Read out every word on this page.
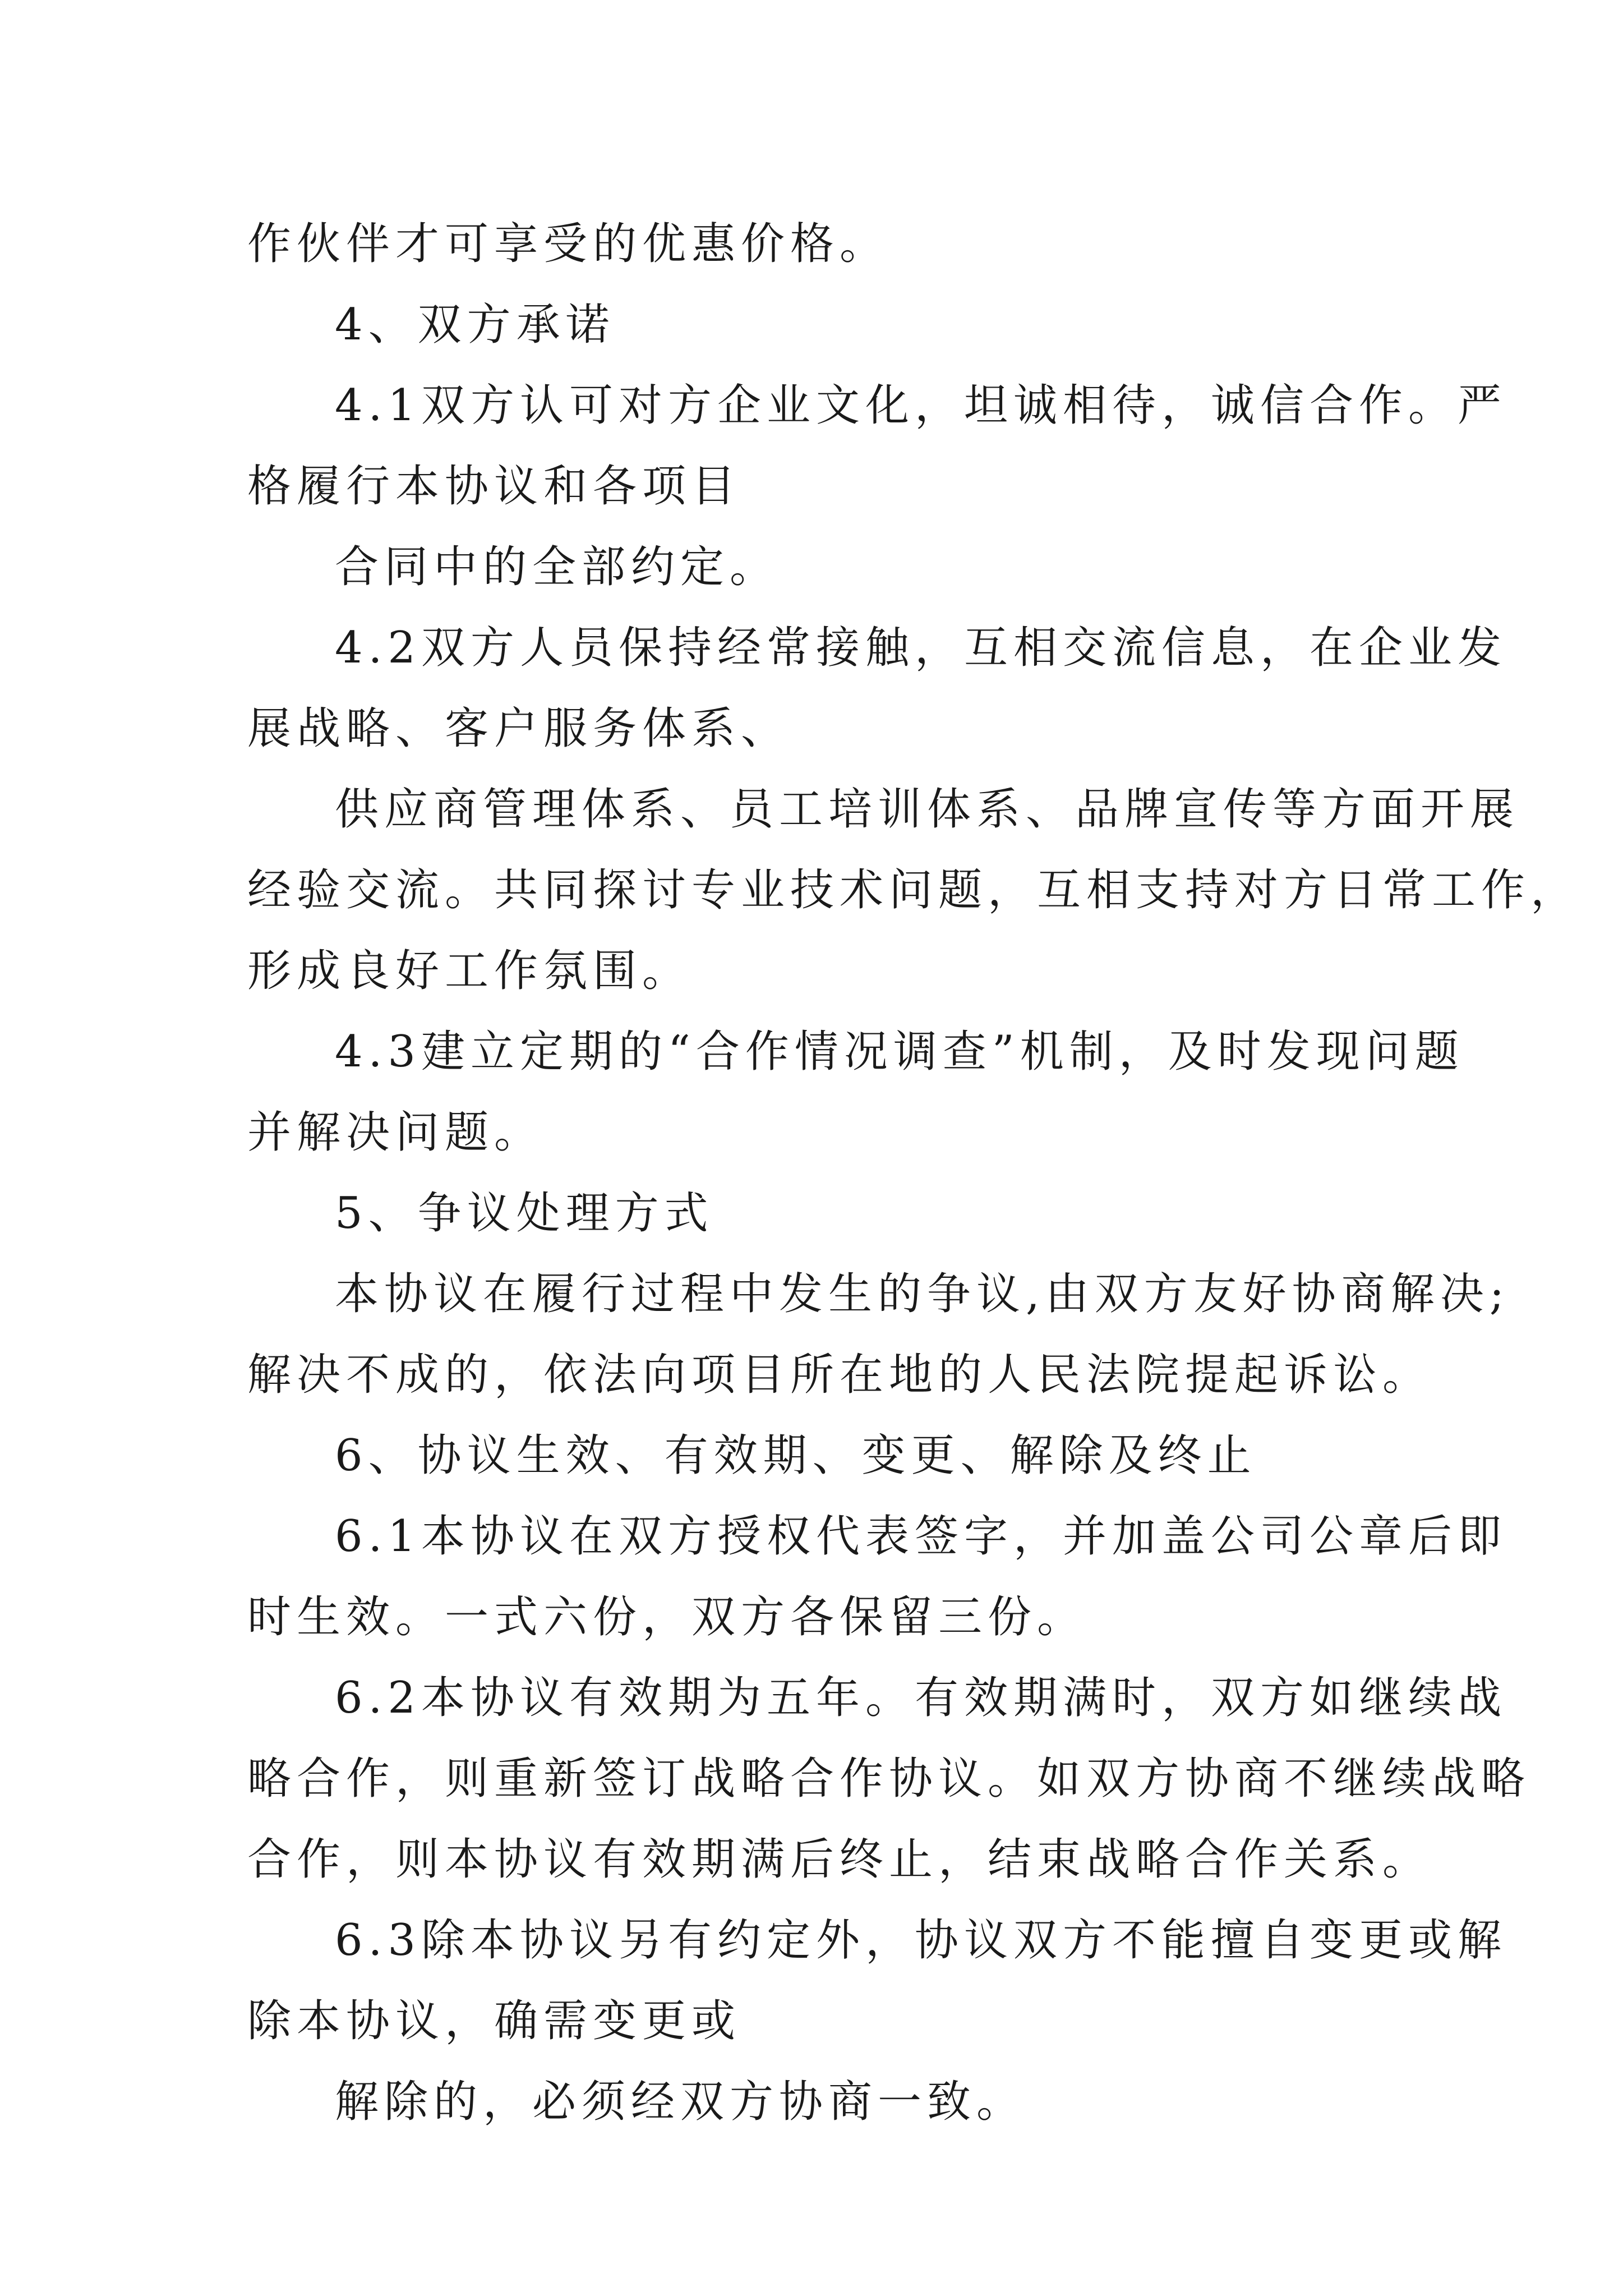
作伙伴才可享受的优惠价格。
4、双方承诺
4.1双方认可对方企业文化，坦诚相待，诚信合作。严
格履行本协议和各项目
合同中的全部约定。
4.2双方人员保持经常接触，互相交流信息，在企业发
展战略、客户服务体系、
供应商管理体系、员工培训体系、品牌宣传等方面开展
经验交流。共同探讨专业技术问题，互相支持对方日常工作，
形成良好工作氛围。
4.3建立定期的“合作情况调查”机制，及时发现问题
并解决问题。
5、争议处理方式
本协议在履行过程中发生的争议,由双方友好协商解决;
解决不成的，依法向项目所在地的人民法院提起诉讼。
6、协议生效、有效期、变更、解除及终止
6.1本协议在双方授权代表签字，并加盖公司公章后即
时生效。一式六份，双方各保留三份。
6.2本协议有效期为五年。有效期满时，双方如继续战
略合作，则重新签订战略合作协议。如双方协商不继续战略
合作，则本协议有效期满后终止，结束战略合作关系。
6.3除本协议另有约定外，协议双方不能擅自变更或解
除本协议，确需变更或
解除的，必须经双方协商一致。
